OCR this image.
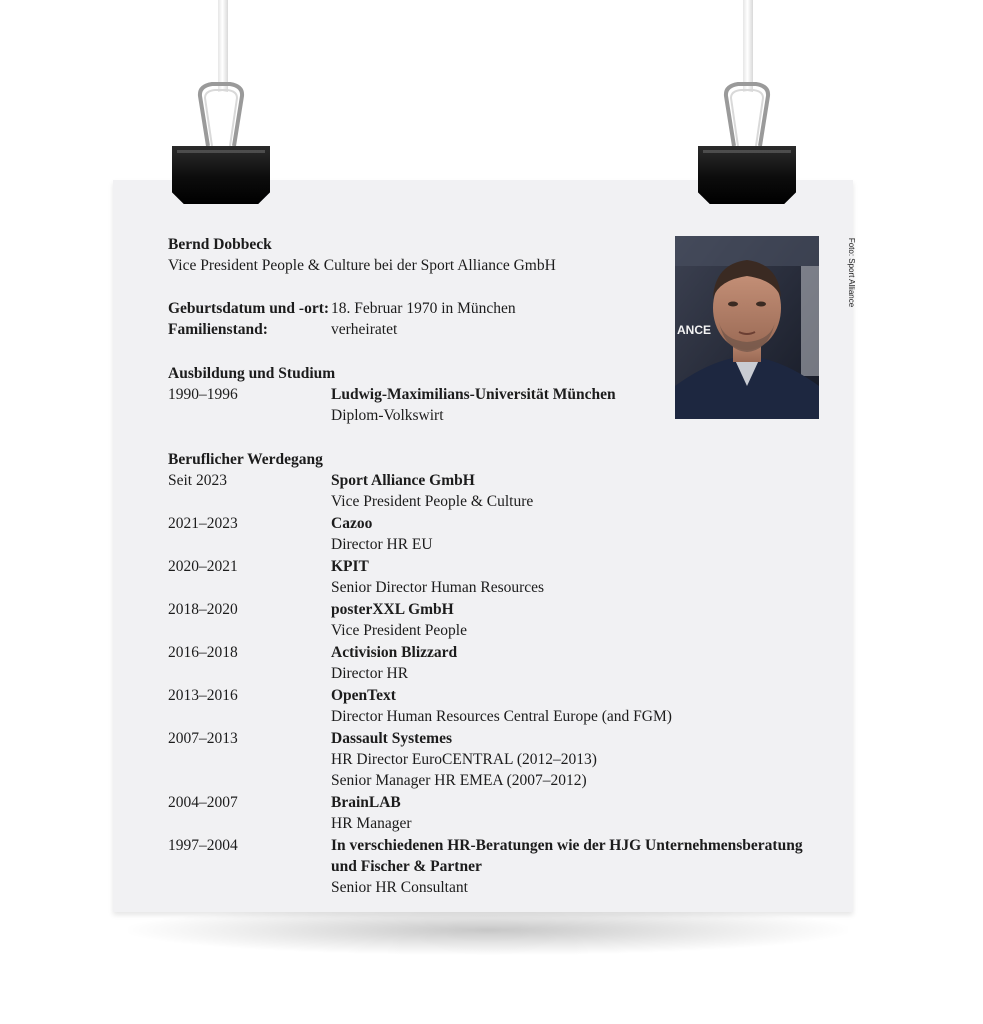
Bernd Dobbeck
Vice President People & Culture bei der Sport Alliance GmbH
Geburtsdatum und -ort: 18. Februar 1970 in München
Familienstand:	verheiratet	ANCE
Foto: Sport Alliance
Ausbildung und Studium
1990–1996	Ludwig-Maximilians-Universität München
Diplom-Volkswirt
Beruflicher Werdegang
Seit 2023	Sport Alliance GmbH
Vice President People & Culture
2021–2023	Cazoo
Director HR EU
2020–2021	KPIT
Senior Director Human Resources
2018–2020	posterXXL GmbH
Vice President People
2016–2018	Activision Blizzard
Director HR
2013–2016	OpenText
Director Human Resources Central Europe (and FGM)
2007–2013	Dassault Systemes
HR Director EuroCENTRAL (2012–2013)
Senior Manager HR EMEA (2007–2012)
2004–2007	BrainLAB
HR Manager
1997–2004	In verschiedenen HR-Beratungen wie der HJG Unternehmensberatung
und Fischer & Partner
Senior HR Consultant
